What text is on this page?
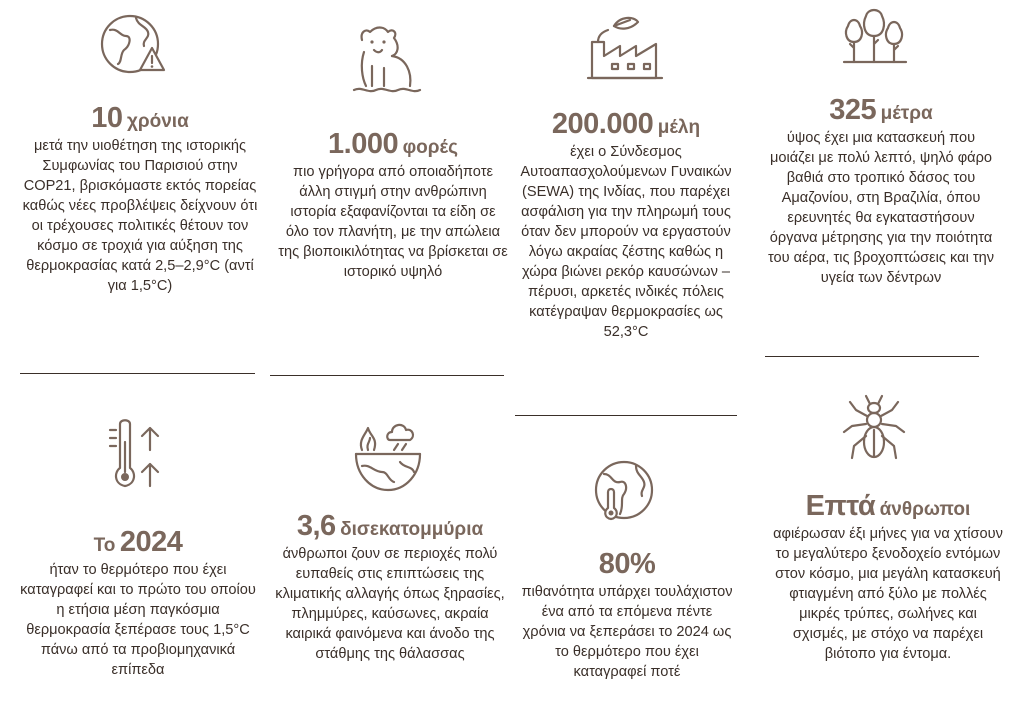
10 χρόνια
μετά την υιοθέτηση της ιστορικής Συμφωνίας του Παρισιού στην COP21, βρισκόμαστε εκτός πορείας καθώς νέες προβλέψεις δείχνουν ότι οι τρέχουσες πολιτικές θέτουν τον κόσμο σε τροχιά για αύξηση της θερμοκρασίας κατά 2,5–2,9°C (αντί για 1,5°C)
1.000 φορές
πιο γρήγορα από οποιαδήποτε άλλη στιγμή στην ανθρώπινη ιστορία εξαφανίζονται τα είδη σε όλο τον πλανήτη, με την απώλεια της βιοποικιλότητας να βρίσκεται σε ιστορικό υψηλό
200.000 μέλη
έχει ο Σύνδεσμος Αυτοαπασχολούμενων Γυναικών (SEWA) της Ινδίας, που παρέχει ασφάλιση για την πληρωμή τους όταν δεν μπορούν να εργαστούν λόγω ακραίας ζέστης καθώς η χώρα βιώνει ρεκόρ καυσώνων – πέρυσι, αρκετές ινδικές πόλεις κατέγραψαν θερμοκρασίες ως 52,3°C
325 μέτρα
ύψος έχει μια κατασκευή που μοιάζει με πολύ λεπτό, ψηλό φάρο βαθιά στο τροπικό δάσος του Αμαζονίου, στη Βραζιλία, όπου ερευνητές θα εγκαταστήσουν όργανα μέτρησης για την ποιότητα του αέρα, τις βροχοπτώσεις και την υγεία των δέντρων
Το 2024
ήταν το θερμότερο που έχει καταγραφεί και το πρώτο του οποίου η ετήσια μέση παγκόσμια θερμοκρασία ξεπέρασε τους 1,5°C πάνω από τα προβιομηχανικά επίπεδα
3,6 δισεκατομμύρια
άνθρωποι ζουν σε περιοχές πολύ ευπαθείς στις επιπτώσεις της κλιματικής αλλαγής όπως ξηρασίες, πλημμύρες, καύσωνες, ακραία καιρικά φαινόμενα και άνοδο της στάθμης της θάλασσας
80%
πιθανότητα υπάρχει τουλάχιστον ένα από τα επόμενα πέντε χρόνια να ξεπεράσει το 2024 ως το θερμότερο που έχει καταγραφεί ποτέ
Επτά άνθρωποι
αφιέρωσαν έξι μήνες για να χτίσουν το μεγαλύτερο ξενοδοχείο εντόμων στον κόσμο, μια μεγάλη κατασκευή φτιαγμένη από ξύλο με πολλές μικρές τρύπες, σωλήνες και σχισμές, με στόχο να παρέχει βιότοπο για έντομα.
